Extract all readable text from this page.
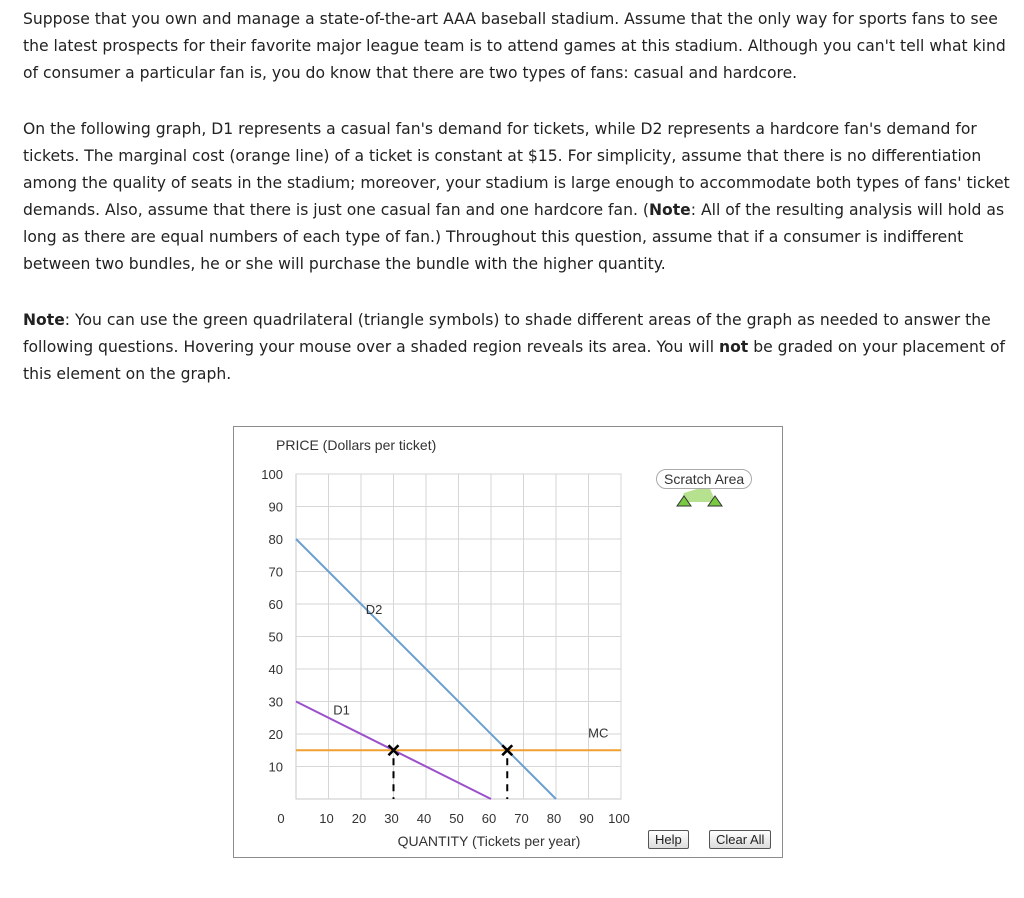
Suppose that you own and manage a state-of-the-art AAA baseball stadium. Assume that the only way for sports fans to see the latest prospects for their favorite major league team is to attend games at this stadium. Although you can't tell what kind of consumer a particular fan is, you do know that there are two types of fans: casual and hardcore.

On the following graph, D1 represents a casual fan's demand for tickets, while D2 represents a hardcore fan's demand for tickets. The marginal cost (orange line) of a ticket is constant at $15. For simplicity, assume that there is no differentiation among the quality of seats in the stadium; moreover, your stadium is large enough to accommodate both types of fans' ticket demands. Also, assume that there is just one casual fan and one hardcore fan. (Note: All of the resulting analysis will hold as long as there are equal numbers of each type of fan.) Throughout this question, assume that if a consumer is indifferent between two bundles, he or she will purchase the bundle with the higher quantity.

Note: You can use the green quadrilateral (triangle symbols) to shade different areas of the graph as needed to answer the following questions. Hovering your mouse over a shaded region reveals its area. You will not be graded on your placement of this element on the graph.

PRICE (Dollars per ticket)
QUANTITY (Tickets per year)
10
20
30
40
50
60
70
80
90
100
10 20 30 40 50 60 70 80 90 100
0
D1
D2
MC
Scratch Area
Help	Clear All
